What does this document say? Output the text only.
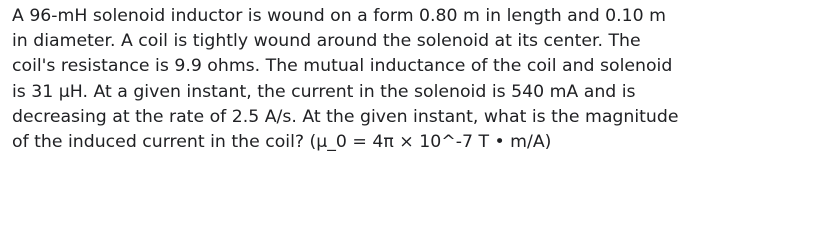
A 96-mH solenoid inductor is wound on a form 0.80 m in length and 0.10 m
in diameter. A coil is tightly wound around the solenoid at its center. The
coil's resistance is 9.9 ohms. The mutual inductance of the coil and solenoid
is 31 μH. At a given instant, the current in the solenoid is 540 mA and is
decreasing at the rate of 2.5 A/s. At the given instant, what is the magnitude
of the induced current in the coil? (μ_0 = 4π × 10^-7 T • m/A)
